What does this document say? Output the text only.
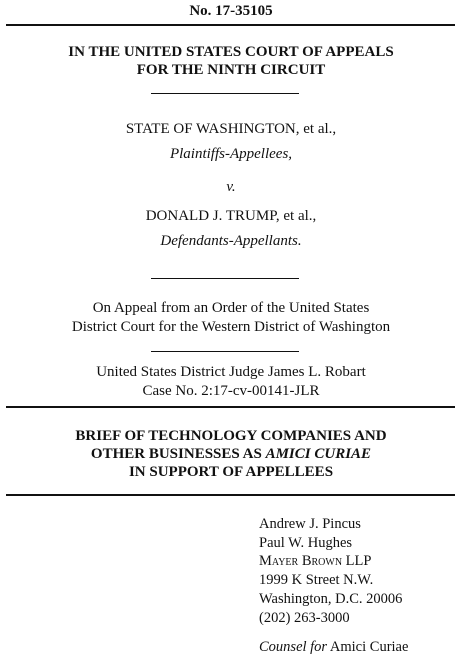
No. 17-35105
IN THE UNITED STATES COURT OF APPEALS
FOR THE NINTH CIRCUIT
STATE OF WASHINGTON, et al.,
Plaintiffs-Appellees,
v.
DONALD J. TRUMP, et al.,
Defendants-Appellants.
On Appeal from an Order of the United States
District Court for the Western District of Washington
United States District Judge James L. Robart
Case No. 2:17-cv-00141-JLR
BRIEF OF TECHNOLOGY COMPANIES AND
OTHER BUSINESSES AS AMICI CURIAE
IN SUPPORT OF APPELLEES
Andrew J. Pincus
Paul W. Hughes
Mayer Brown LLP
1999 K Street N.W.
Washington, D.C. 20006
(202) 263-3000
Counsel for Amici Curiae
